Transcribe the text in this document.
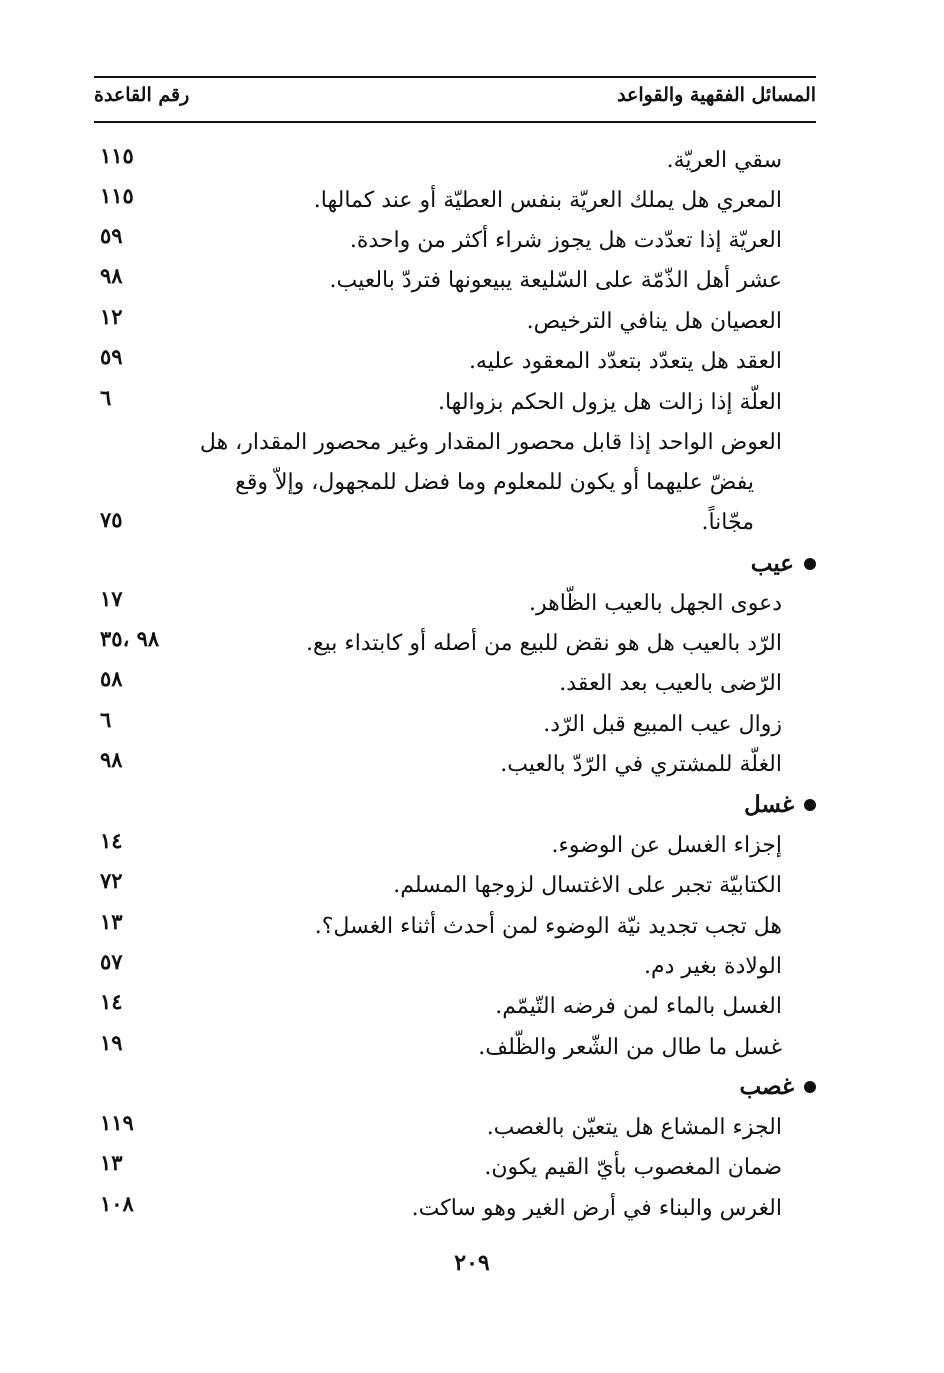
المسائل الفقهية والقواعد
رقم القاعدة
سقي العريّة.
١١٥
المعري هل يملك العريّة بنفس العطيّة أو عند كمالها.
١١٥
العريّة إذا تعدّدت هل يجوز شراء أكثر من واحدة.
٥٩
عشر أهل الذّمّة على السّليعة يبيعونها فتردّ بالعيب.
٩٨
العصيان هل ينافي الترخيص.
١٢
العقد هل يتعدّد بتعدّد المعقود عليه.
٥٩
العلّة إذا زالت هل يزول الحكم بزوالها.
٦
العوض الواحد إذا قابل محصور المقدار وغير محصور المقدار، هل
يفضّ عليهما أو يكون للمعلوم وما فضل للمجهول، وإلاّ وقع
مجّاناً.
٧٥
عيب
دعوى الجهل بالعيب الظّاهر.
١٧
الرّد بالعيب هل هو نقض للبيع من أصله أو كابتداء بيع.
٩٨ ،٣٥
الرّضى بالعيب بعد العقد.
٥٨
زوال عيب المبيع قبل الرّد.
٦
الغلّة للمشتري في الرّدّ بالعيب.
٩٨
غسل
إجزاء الغسل عن الوضوء.
١٤
الكتابيّة تجبر على الاغتسال لزوجها المسلم.
٧٢
هل تجب تجديد نيّة الوضوء لمن أحدث أثناء الغسل؟.
١٣
الولادة بغير دم.
٥٧
الغسل بالماء لمن فرضه التّيمّم.
١٤
غسل ما طال من الشّعر والظّلف.
١٩
غصب
الجزء المشاع هل يتعيّن بالغصب.
١١٩
ضمان المغصوب بأيّ القيم يكون.
١٣
الغرس والبناء في أرض الغير وهو ساكت.
١٠٨
٢٠٩
